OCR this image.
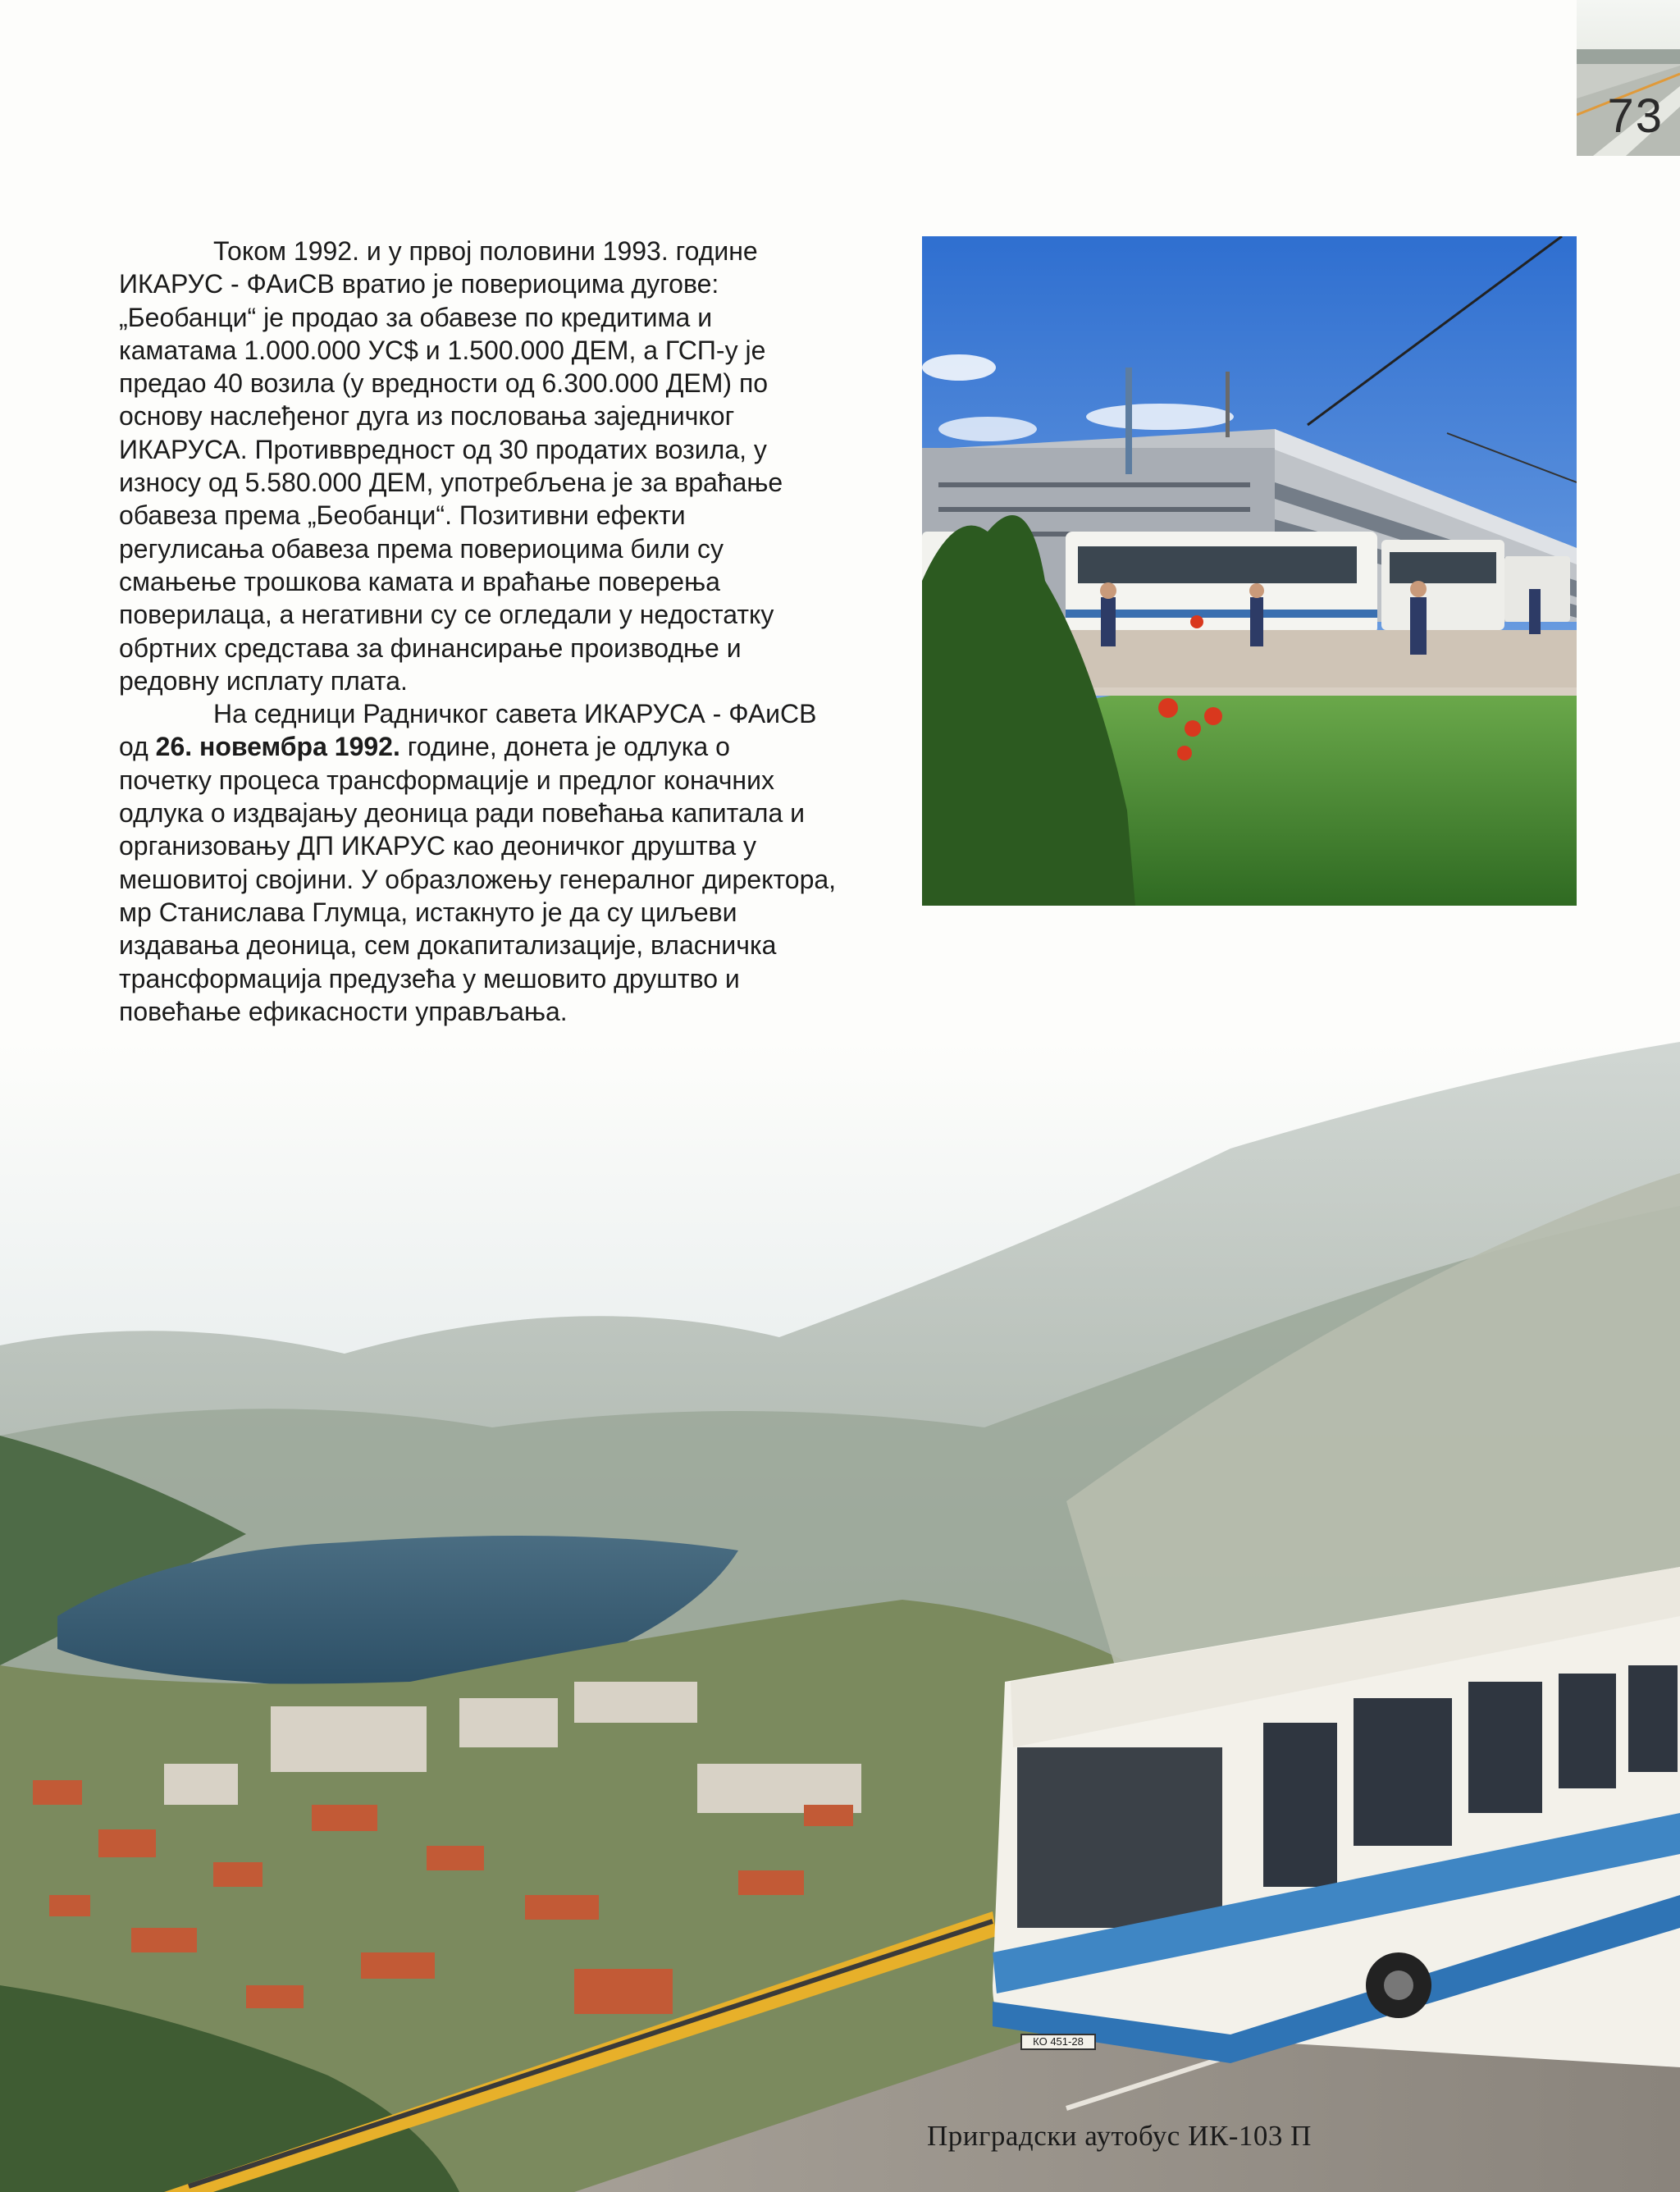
73

Током 1992. и у првој половини 1993. године
ИКАРУС - ФАиСВ вратио је повериоцима дугове:
„Беобанци“ је продао за обавезе по кредитима и
каматама 1.000.000 УС$ и 1.500.000 ДЕМ, а ГСП-у је
предао 40 возила (у вредности од 6.300.000 ДЕМ) по
основу наслеђеног дуга из пословања заједничког
ИКАРУСА. Противвредност од 30 продатих возила, у
износу од 5.580.000 ДЕМ, употребљена је за враћање
обавеза према „Беобанци“. Позитивни ефекти
регулисања обавеза према повериоцима били су
смањење трошкова камата и враћање поверења
поверилаца, а негативни су се огледали у недостатку
обртних средстава за финансирање производње и
редовну исплату плата.

На седници Радничког савета ИКАРУСА - ФАиСВ
од 26. новембра 1992. године, донета је одлука о
почетку процеса трансформације и предлог коначних
одлука о издвајању деоница ради повећања капитала и
организовању ДП ИКАРУС као деоничког друштва у
мешовитој својини. У образложењу генералног директора,
мр Станислава Глумца, истакнуто је да су циљеви
издавања деоница, сем докапитализације, власничка
трансформација предузећа у мешовито друштво и
повећање ефикасности управљања.

КО 451-28
Приградски аутобус ИК-103 П
